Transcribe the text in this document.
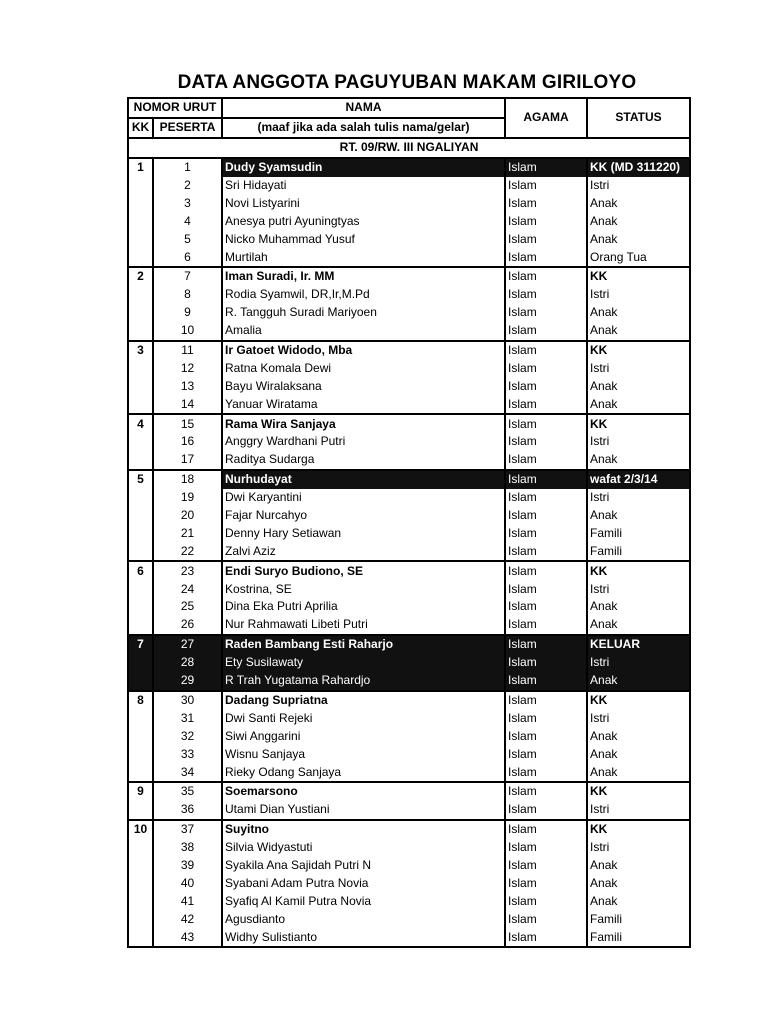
DATA ANGGOTA PAGUYUBAN MAKAM GIRILOYO
NOMOR URUT		NAMA	AGAMA	STATUS
KK	PESERTA	(maaf jika ada salah tulis nama/gelar)		
RT. 09/RW. III NGALIYAN				
1	1	Dudy Syamsudin	Islam	KK (MD 311220)
	2	Sri Hidayati	Islam	Istri
	3	Novi Listyarini	Islam	Anak
	4	Anesya putri Ayuningtyas	Islam	Anak
	5	Nicko Muhammad Yusuf	Islam	Anak
	6	Murtilah	Islam	Orang Tua
2	7	Iman Suradi, Ir. MM	Islam	KK
	8	Rodia Syamwil, DR,Ir,M.Pd	Islam	Istri
	9	R. Tangguh Suradi Mariyoen	Islam	Anak
	10	Amalia	Islam	Anak
3	11	Ir Gatoet Widodo, Mba	Islam	KK
	12	Ratna Komala Dewi	Islam	Istri
	13	Bayu Wiralaksana	Islam	Anak
	14	Yanuar Wiratama	Islam	Anak
4	15	Rama Wira Sanjaya	Islam	KK
	16	Anggry Wardhani Putri	Islam	Istri
	17	Raditya Sudarga	Islam	Anak
5	18	Nurhudayat	Islam	wafat 2/3/14
	19	Dwi Karyantini	Islam	Istri
	20	Fajar Nurcahyo	Islam	Anak
	21	Denny Hary Setiawan	Islam	Famili
	22	Zalvi Aziz	Islam	Famili
6	23	Endi Suryo Budiono, SE	Islam	KK
	24	Kostrina, SE	Islam	Istri
	25	Dina Eka Putri Aprilia	Islam	Anak
	26	Nur Rahmawati Libeti Putri	Islam	Anak
7	27	Raden Bambang Esti Raharjo	Islam	KELUAR
	28	Ety Susilawaty	Islam	Istri
	29	R Trah Yugatama Rahardjo	Islam	Anak
8	30	Dadang Supriatna	Islam	KK
	31	Dwi Santi Rejeki	Islam	Istri
	32	Siwi Anggarini	Islam	Anak
	33	Wisnu Sanjaya	Islam	Anak
	34	Rieky Odang Sanjaya	Islam	Anak
9	35	Soemarsono	Islam	KK
	36	Utami Dian Yustiani	Islam	Istri
10	37	Suyitno	Islam	KK
	38	Silvia Widyastuti	Islam	Istri
	39	Syakila Ana Sajidah Putri N	Islam	Anak
	40	Syabani Adam Putra Novia	Islam	Anak
	41	Syafiq Al Kamil Putra Novia	Islam	Anak
	42	Agusdianto	Islam	Famili
	43	Widhy Sulistianto	Islam	Famili
